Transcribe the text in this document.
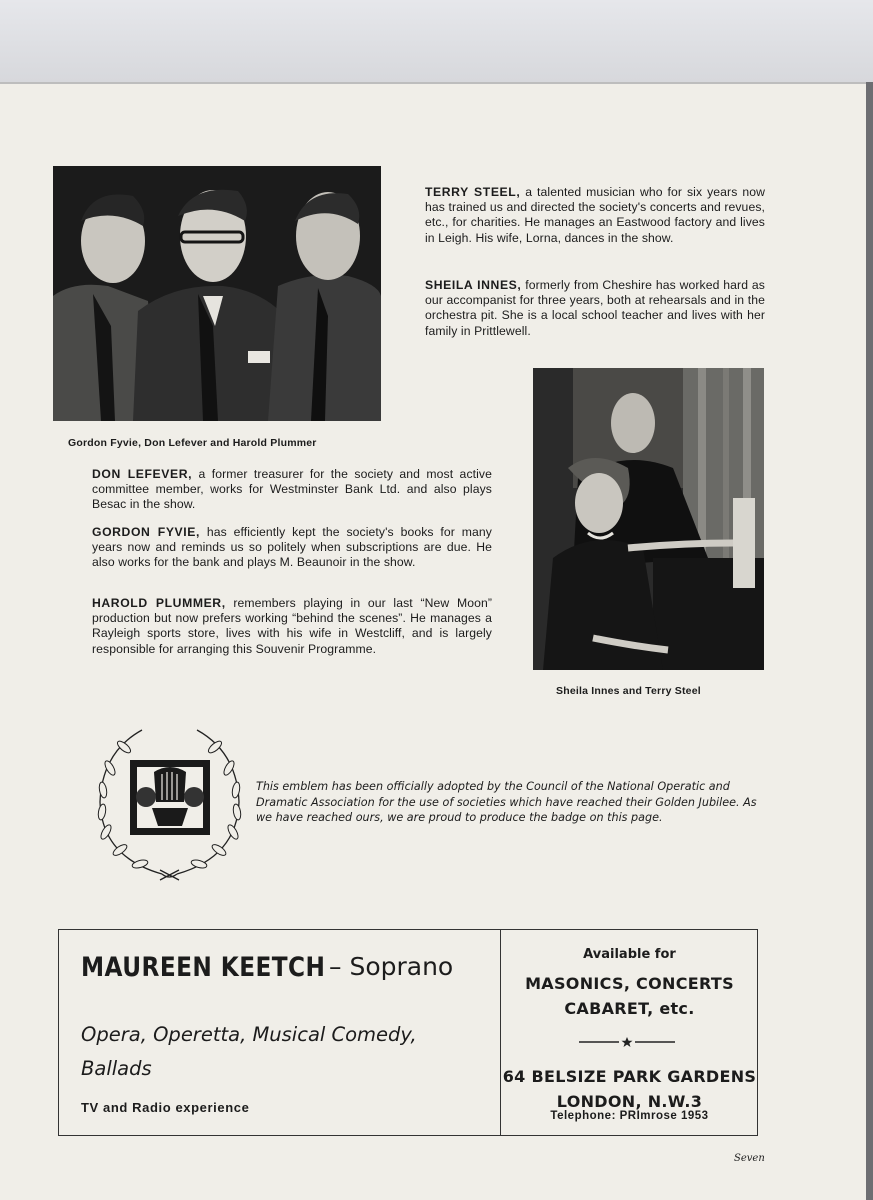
Gordon Fyvie, Don Lefever and Harold Plummer
TERRY STEEL, a talented musician who for six years now has trained us and directed the society's concerts and revues, etc., for charities. He manages an Eastwood factory and lives in Leigh. His wife, Lorna, dances in the show.
SHEILA INNES, formerly from Cheshire has worked hard as our accompanist for three years, both at rehearsals and in the orchestra pit. She is a local school teacher and lives with her family in Prittlewell.
Sheila Innes and Terry Steel
DON LEFEVER, a former treasurer for the society and most active committee member, works for Westminster Bank Ltd. and also plays Besac in the show.
GORDON FYVIE, has efficiently kept the society's books for many years now and reminds us so politely when subscriptions are due. He also works for the bank and plays M. Beaunoir in the show.
HAROLD PLUMMER, remembers playing in our last “New Moon” production but now prefers working “behind the scenes”. He manages a Rayleigh sports store, lives with his wife in Westcliff, and is largely responsible for arranging this Souvenir Programme.
This emblem has been officially adopted by the Council of the National Operatic and Dramatic Association for the use of societies which have reached their Golden Jubilee. As we have reached ours, we are proud to produce the badge on this page.
MAUREEN KEETCH – Soprano
Opera, Operetta, Musical Comedy, Ballads
TV and Radio experience
Available for
MASONICS, CONCERTS
CABARET, etc.
64 BELSIZE PARK GARDENS
LONDON, N.W.3
Telephone: PRImrose 1953
Seven
